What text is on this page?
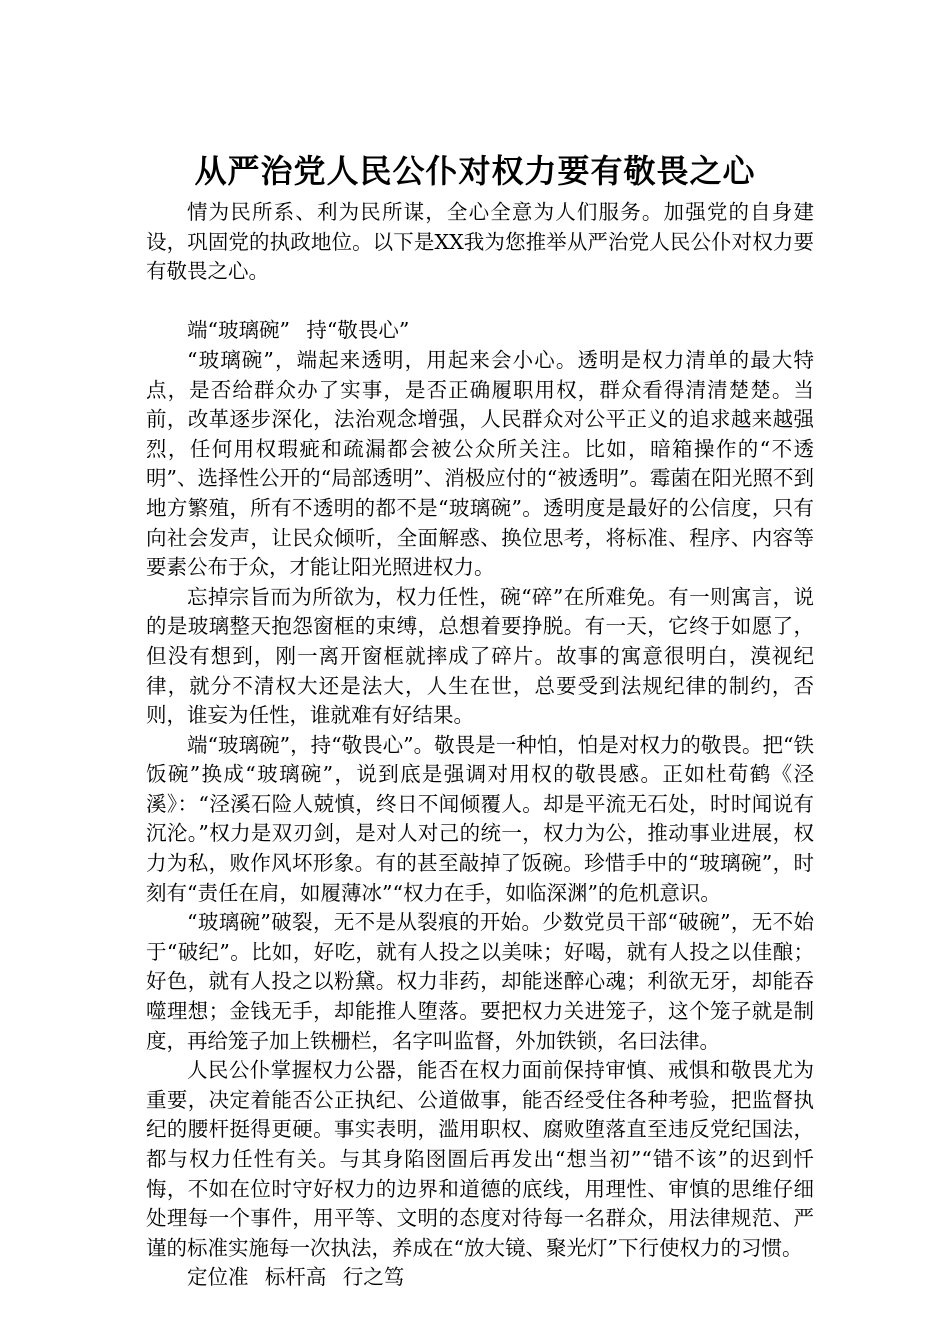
从严治党人民公仆对权力要有敬畏之心

情为民所系、利为民所谋，全心全意为人们服务。加强党的自身建设，巩固党的执政地位。以下是XX我为您推举从严治党人民公仆对权力要有敬畏之心。

端“玻璃碗” 持“敬畏心”

“玻璃碗”，端起来透明，用起来会小心。透明是权力清单的最大特点，是否给群众办了实事，是否正确履职用权，群众看得清清楚楚。当前，改革逐步深化，法治观念增强，人民群众对公平正义的追求越来越强烈，任何用权瑕疵和疏漏都会被公众所关注。比如，暗箱操作的“不透明”、选择性公开的“局部透明”、消极应付的“被透明”。霉菌在阳光照不到地方繁殖，所有不透明的都不是“玻璃碗”。透明度是最好的公信度，只有向社会发声，让民众倾听，全面解惑、换位思考，将标准、程序、内容等要素公布于众，才能让阳光照进权力。

忘掉宗旨而为所欲为，权力任性，碗“碎”在所难免。有一则寓言，说的是玻璃整天抱怨窗框的束缚，总想着要挣脱。有一天，它终于如愿了，但没有想到，刚一离开窗框就摔成了碎片。故事的寓意很明白，漠视纪律，就分不清权大还是法大，人生在世，总要受到法规纪律的制约，否则，谁妄为任性，谁就难有好结果。

端“玻璃碗”，持“敬畏心”。敬畏是一种怕，怕是对权力的敬畏。把“铁饭碗”换成“玻璃碗”，说到底是强调对用权的敬畏感。正如杜荀鹤《泾溪》：“泾溪石险人兢慎，终日不闻倾覆人。却是平流无石处，时时闻说有沉沦。”权力是双刃剑，是对人对己的统一，权力为公，推动事业进展，权力为私，败作风坏形象。有的甚至敲掉了饭碗。珍惜手中的“玻璃碗”，时刻有“责任在肩，如履薄冰”“权力在手，如临深渊”的危机意识。

“玻璃碗”破裂，无不是从裂痕的开始。少数党员干部“破碗”，无不始于“破纪”。比如，好吃，就有人投之以美味；好喝，就有人投之以佳酿；好色，就有人投之以粉黛。权力非药，却能迷醉心魂；利欲无牙，却能吞噬理想；金钱无手，却能推人堕落。要把权力关进笼子，这个笼子就是制度，再给笼子加上铁栅栏，名字叫监督，外加铁锁，名曰法律。

人民公仆掌握权力公器，能否在权力面前保持审慎、戒惧和敬畏尤为重要，决定着能否公正执纪、公道做事，能否经受住各种考验，把监督执纪的腰杆挺得更硬。事实表明，滥用职权、腐败堕落直至违反党纪国法，都与权力任性有关。与其身陷囹圄后再发出“想当初”“错不该”的迟到忏悔，不如在位时守好权力的边界和道德的底线，用理性、审慎的思维仔细处理每一个事件，用平等、文明的态度对待每一名群众，用法律规范、严谨的标准实施每一次执法，养成在“放大镜、聚光灯”下行使权力的习惯。

定位准 标杆高 行之笃
